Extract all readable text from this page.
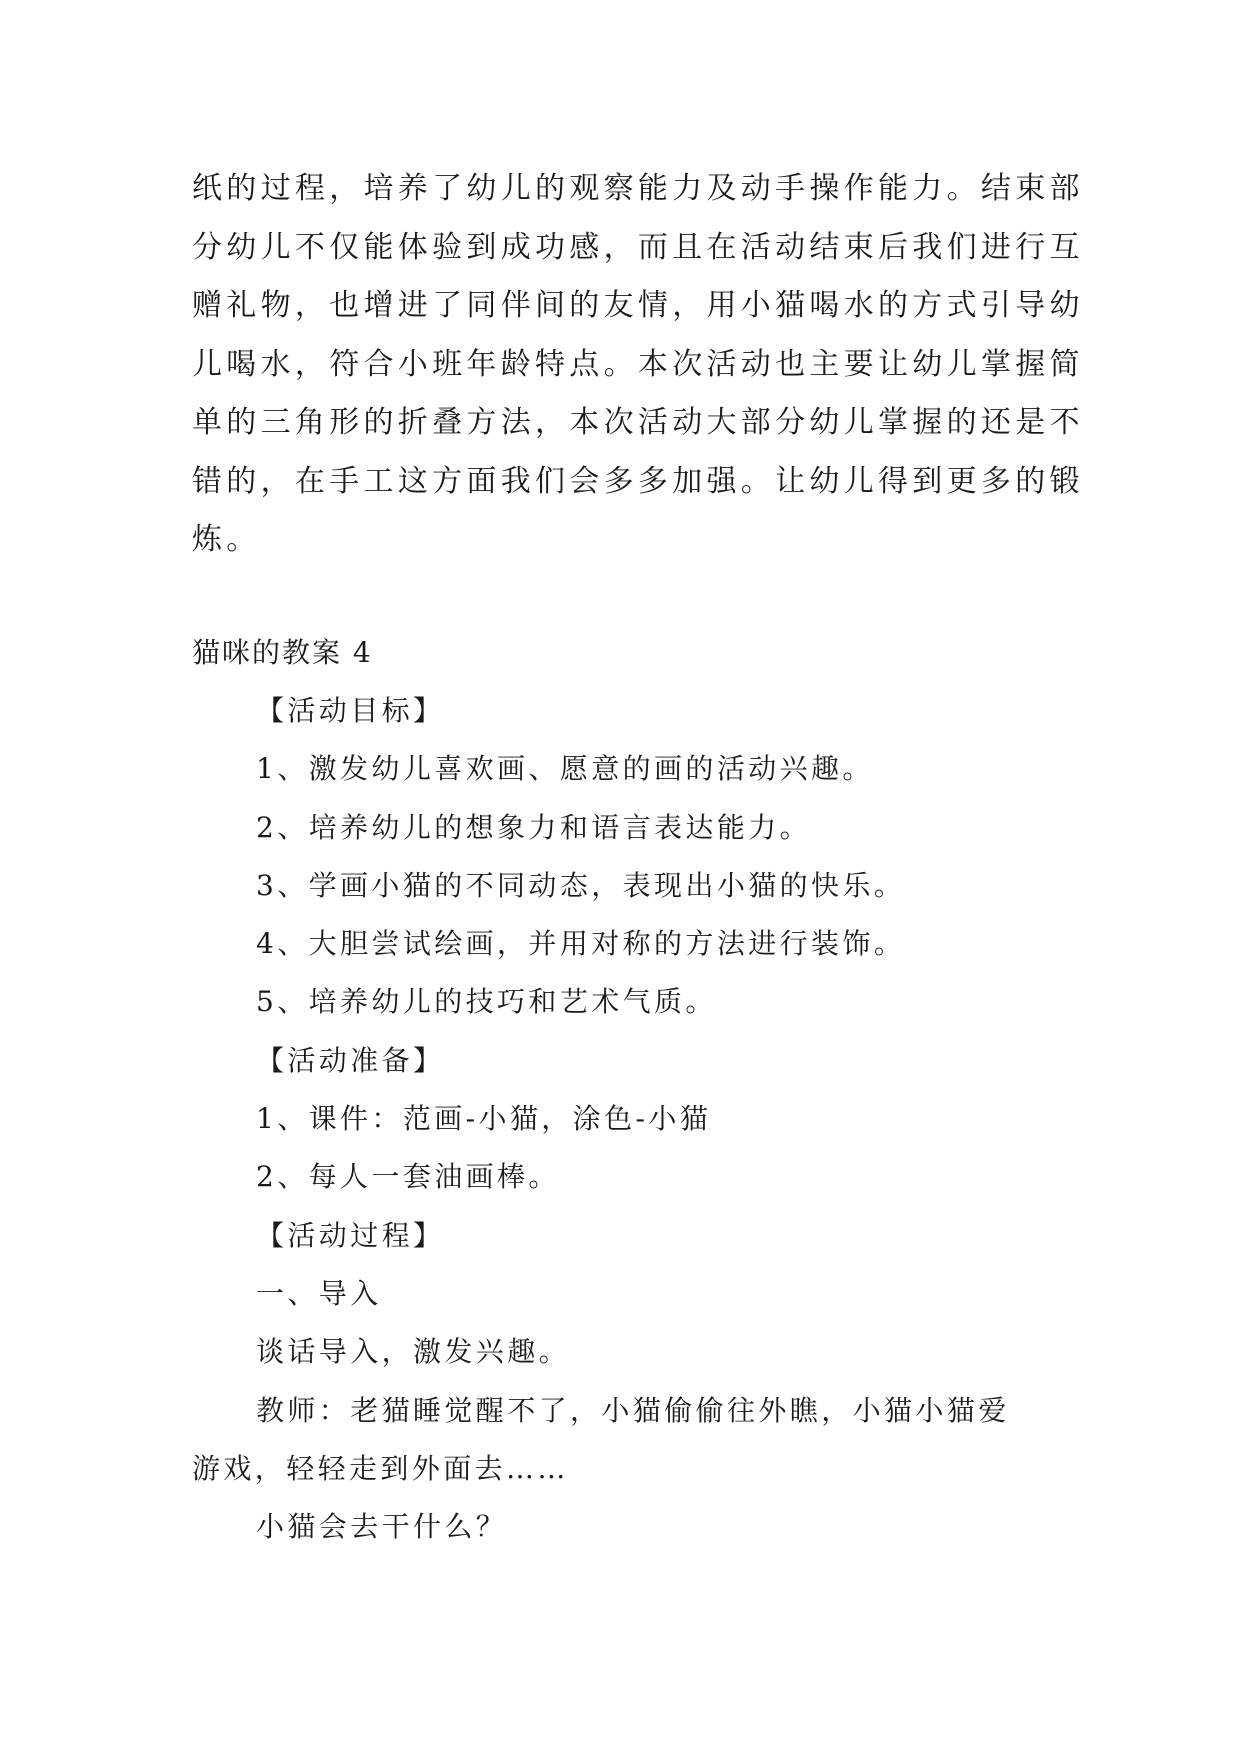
纸的过程，培养了幼儿的观察能力及动手操作能力。结束部
分幼儿不仅能体验到成功感，而且在活动结束后我们进行互
赠礼物，也增进了同伴间的友情，用小猫喝水的方式引导幼
儿喝水，符合小班年龄特点。本次活动也主要让幼儿掌握简
单的三角形的折叠方法，本次活动大部分幼儿掌握的还是不
错的，在手工这方面我们会多多加强。让幼儿得到更多的锻
炼。

猫咪的教案 4

【活动目标】

1、激发幼儿喜欢画、愿意的画的活动兴趣。

2、培养幼儿的想象力和语言表达能力。

3、学画小猫的不同动态，表现出小猫的快乐。

4、大胆尝试绘画，并用对称的方法进行装饰。

5、培养幼儿的技巧和艺术气质。

【活动准备】

1、课件：范画-小猫，涂色-小猫

2、每人一套油画棒。

【活动过程】

一、导入

谈话导入，激发兴趣。

教师：老猫睡觉醒不了，小猫偷偷往外瞧，小猫小猫爱

游戏，轻轻走到外面去……

小猫会去干什么？
